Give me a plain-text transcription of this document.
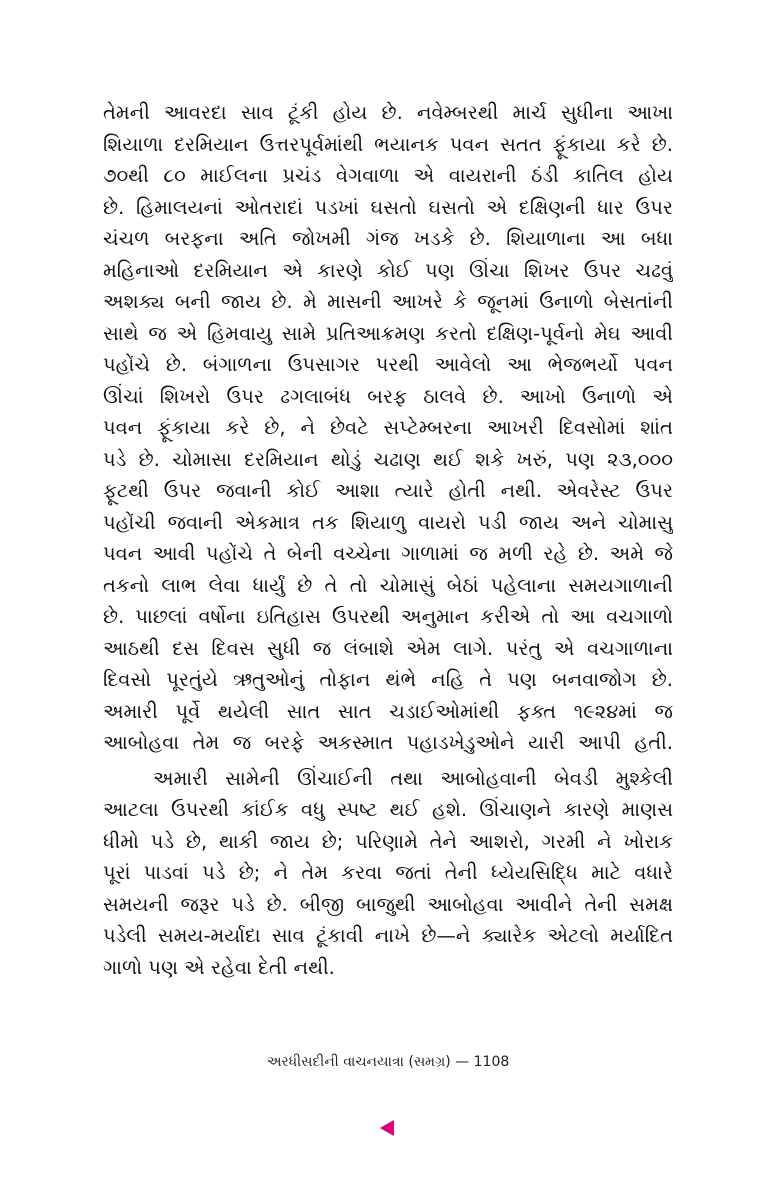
તેમની આવરદા સાવ ટૂંકી હોય છે. નવેમ્બરથી માર્ચ સુધીના આખા
શિયાળા દરમિયાન ઉત્તરપૂર્વમાંથી ભયાનક પવન સતત ફૂંકાયા કરે છે.
૭૦થી ૮૦ માઈલના પ્રચંડ વેગવાળા એ વાયરાની ઠંડી કાતિલ હોય
છે. હિમાલયનાં ઓતરાદાં પડખાં ઘસતો ઘસતો એ દક્ષિણની ધાર ઉપર
ચંચળ બરફના અતિ જોખમી ગંજ ખડકે છે. શિયાળાના આ બધા
મહિનાઓ દરમિયાન એ કારણે કોઈ પણ ઊંચા શિખર ઉપર ચઢવું
અશક્ય બની જાય છે. મે માસની આખરે કે જૂનમાં ઉનાળો બેસતાંની
સાથે જ એ હિમવાયુ સામે પ્રતિઆક્રમણ કરતો દક્ષિણ-પૂર્વનો મેઘ આવી
પહોંચે છે. બંગાળના ઉપસાગર પરથી આવેલો આ ભેજભર્યો પવન
ઊંચાં શિખરો ઉપર ઢગલાબંધ બરફ ઠાલવે છે. આખો ઉનાળો એ
પવન ફૂંકાયા કરે છે, ને છેવટે સપ્ટેમ્બરના આખરી દિવસોમાં શાંત
પડે છે. ચોમાસા દરમિયાન થોડું ચઢાણ થઈ શકે ખરું, પણ ૨૩,૦૦૦
ફૂટથી ઉપર જવાની કોઈ આશા ત્યારે હોતી નથી. એવરેસ્ટ ઉપર
પહોંચી જવાની એકમાત્ર તક શિયાળુ વાયરો પડી જાય અને ચોમાસુ
પવન આવી પહોંચે તે બેની વચ્ચેના ગાળામાં જ મળી રહે છે. અમે જે
તકનો લાભ લેવા ધાર્યું છે તે તો ચોમાસું બેઠાં પહેલાના સમયગાળાની
છે. પાછલાં વર્ષોના ઇતિહાસ ઉપરથી અનુમાન કરીએ તો આ વચગાળો
આઠથી દસ દિવસ સુધી જ લંબાશે એમ લાગે. પરંતુ એ વચગાળાના
દિવસો પૂરતુંયે ઋતુઓનું તોફાન થંભે નહિ તે પણ બનવાજોગ છે.
અમારી પૂર્વે થયેલી સાત સાત ચડાઈઓમાંથી ફક્ત ૧૯૨૪માં જ
આબોહવા તેમ જ બરફે અકસ્માત પહાડખેડુઓને યારી આપી હતી.
અમારી સામેની ઊંચાઈની તથા આબોહવાની બેવડી મુશ્કેલી
આટલા ઉપરથી કાંઈક વધુ સ્પષ્ટ થઈ હશે. ઊંચાણને કારણે માણસ
ધીમો પડે છે, થાકી જાય છે; પરિણામે તેને આશરો, ગરમી ને ખોરાક
પૂરાં પાડવાં પડે છે; ને તેમ કરવા જતાં તેની ધ્યેયસિદ્ધિ માટે વધારે
સમયની જરૂર પડે છે. બીજી બાજુથી આબોહવા આવીને તેની સમક્ષ
પડેલી સમય-મર્યાદા સાવ ટૂંકાવી નાખે છે—ને ક્યારેક એટલો મર્યાદિત
ગાળો પણ એ રહેવા દેતી નથી.
અરધીસદીની વાચનયાત્રા (સમગ્ર) — 1108
